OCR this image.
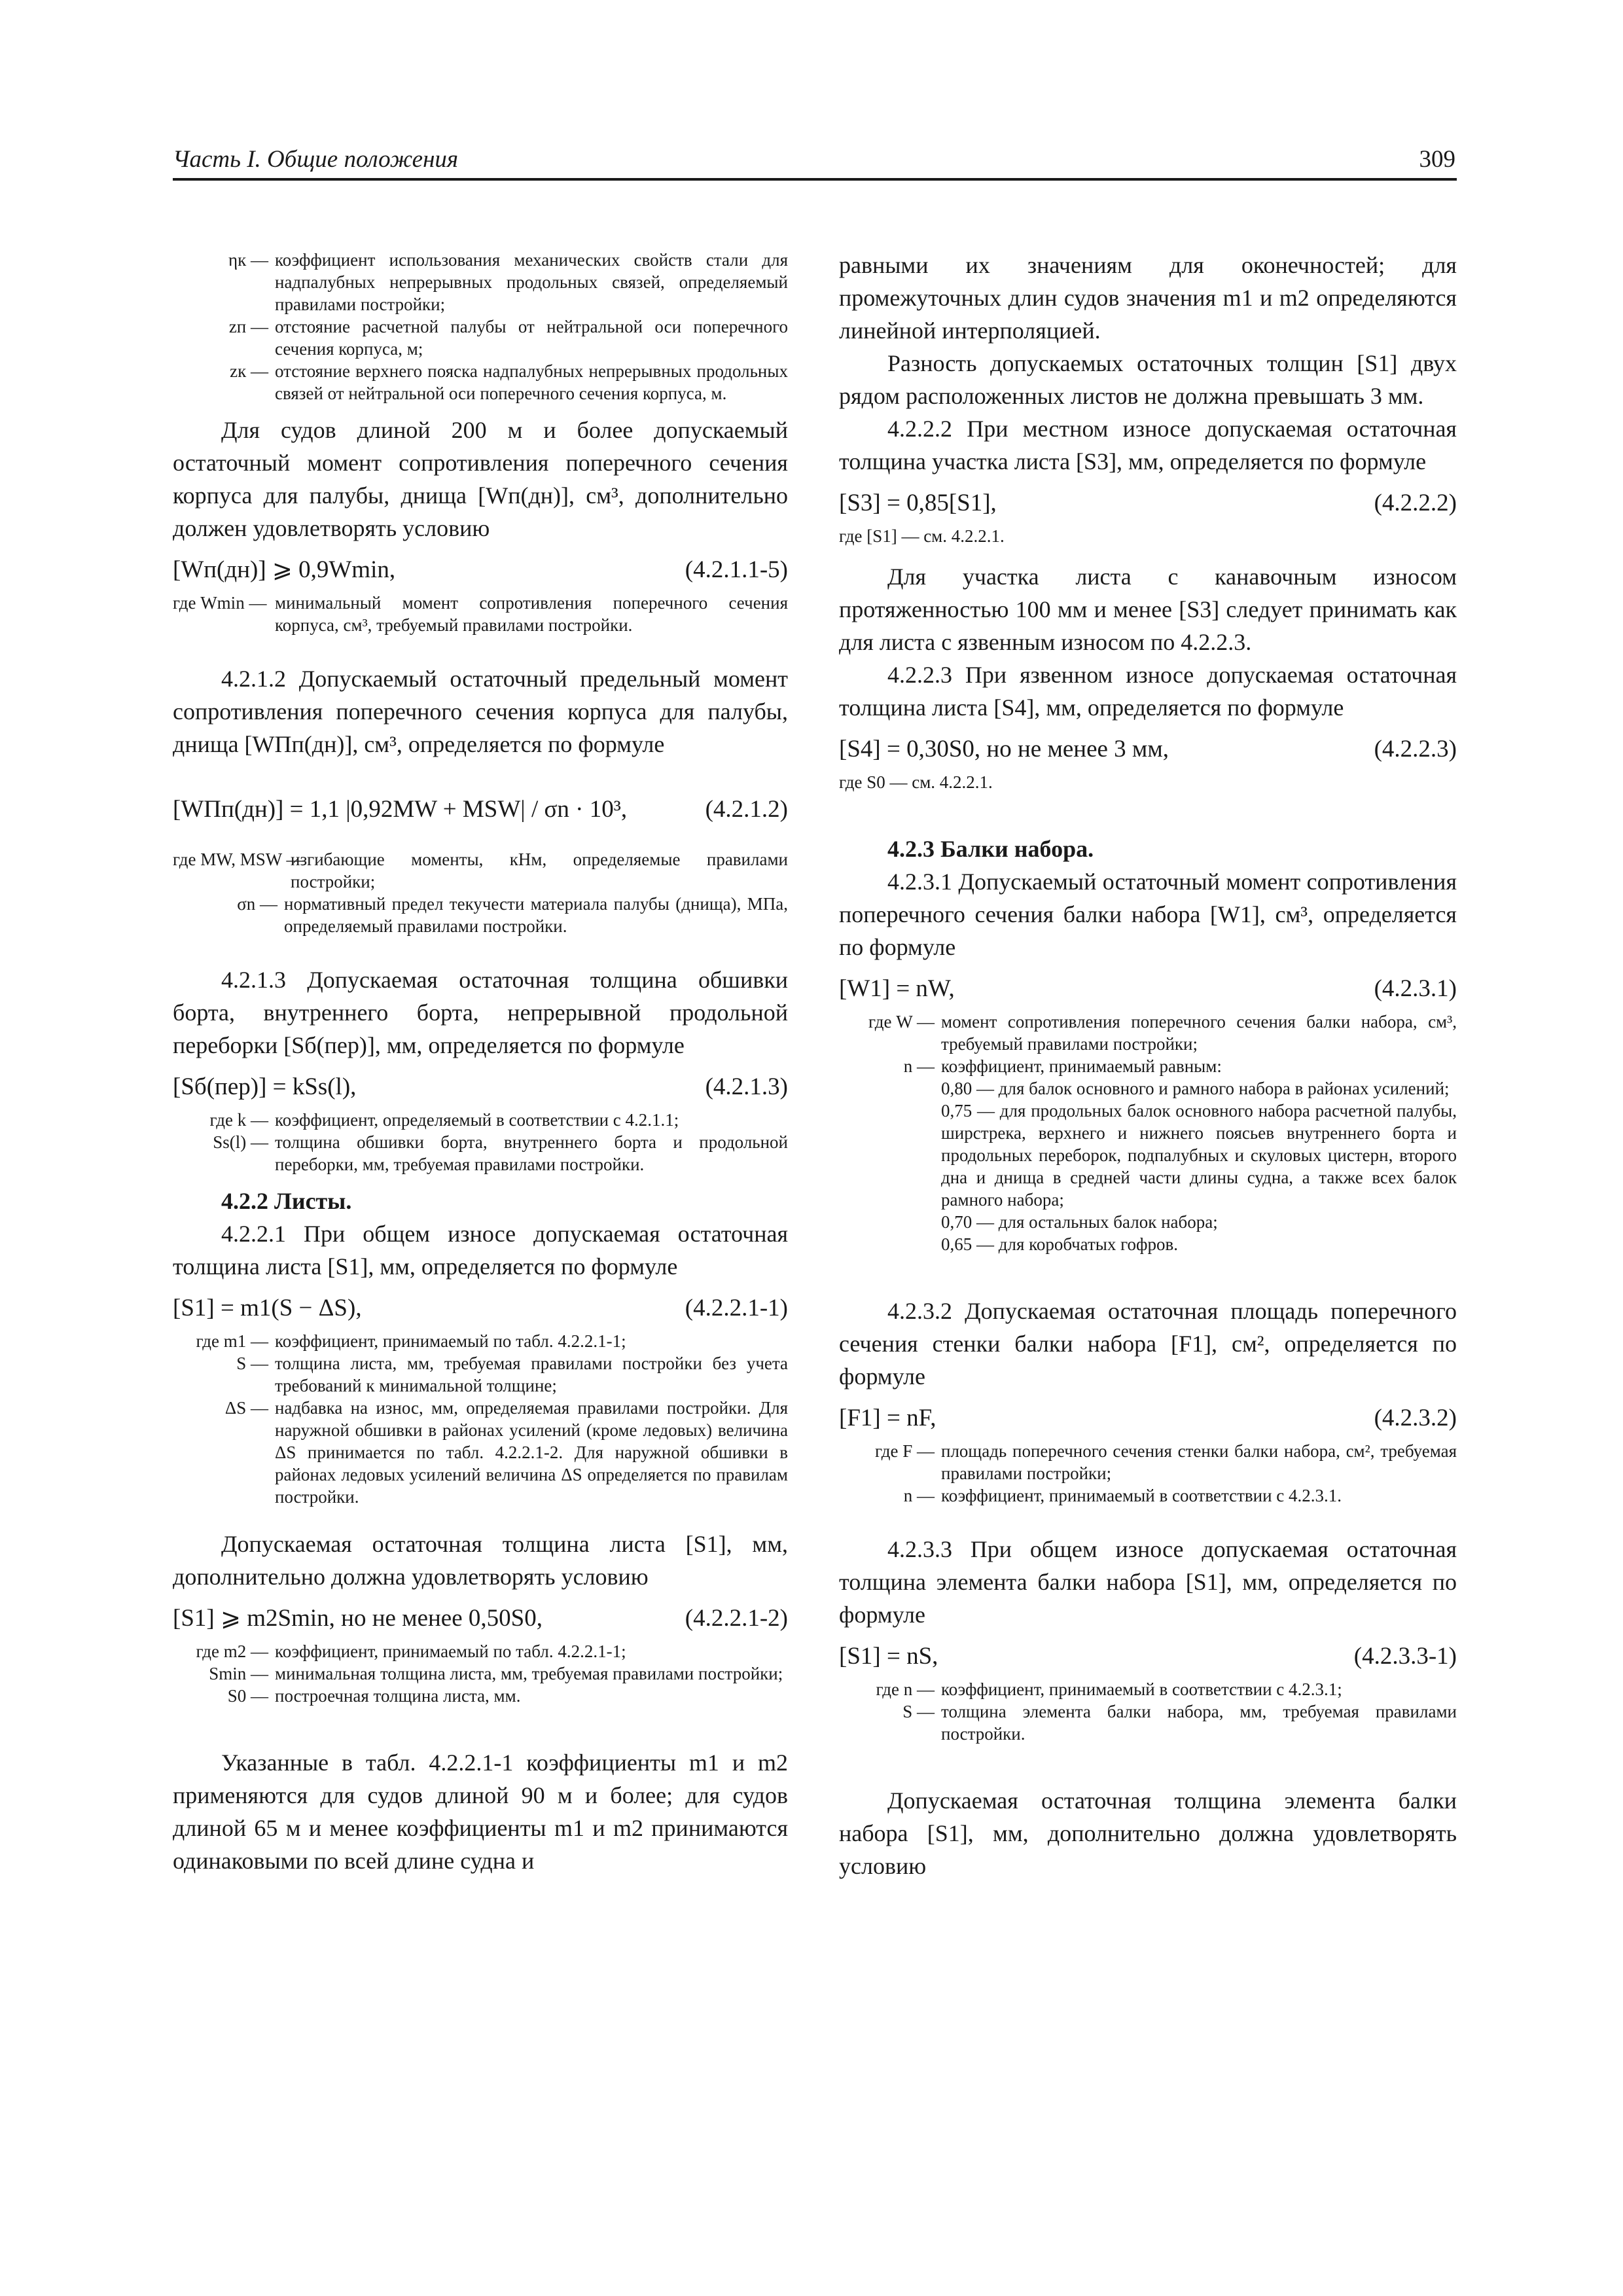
Часть I. Общие положения	309
ηк — коэффициент использования механических свойств стали для надпалубных непрерывных продольных связей, определяемый правилами постройки;
zп — отстояние расчетной палубы от нейтральной оси поперечного сечения корпуса, м;
zк — отстояние верхнего пояска надпалубных непрерывных продольных связей от нейтральной оси поперечного сечения корпуса, м.

Для судов длиной 200 м и более допускаемый остаточный момент сопротивления поперечного сечения корпуса для палубы, днища [Wп(дн)], см³, дополнительно должен удовлетворять условию

[Wп(дн)] ⩾ 0,9Wmin,	(4.2.1.1-5)
где Wmin — минимальный момент сопротивления поперечного сечения корпуса, см³, требуемый правилами постройки.

4.2.1.2 Допускаемый остаточный предельный момент сопротивления поперечного сечения корпуса для палубы, днища [WПп(дн)], см³, определяется по формуле

[WПп(дн)] = 1,1 |0,92MW + MSW| / σn · 10³,	(4.2.1.2)
где MW, MSW —
изгибающие моменты, кНм, определяемые правилами постройки;
σn — нормативный предел текучести материала палубы (днища), МПа, определяемый правилами постройки.

4.2.1.3 Допускаемая остаточная толщина обшивки борта, внутреннего борта, непрерывной продольной переборки [Sб(пер)], мм, определяется по формуле

[Sб(пер)] = kSs(l),	(4.2.1.3)
где k — коэффициент, определяемый в соответствии с 4.2.1.1;
Ss(l) — толщина обшивки борта, внутреннего борта и продольной переборки, мм, требуемая правилами постройки.

4.2.2 Листы.

4.2.2.1 При общем износе допускаемая остаточная толщина листа [S1], мм, определяется по формуле

[S1] = m1(S − ΔS),	(4.2.2.1-1)
где m1 — коэффициент, принимаемый по табл. 4.2.2.1-1;
S — толщина листа, мм, требуемая правилами постройки без учета требований к минимальной толщине;
ΔS — надбавка на износ, мм, определяемая правилами постройки. Для наружной обшивки в районах усилений (кроме ледовых) величина ΔS принимается по табл. 4.2.2.1-2. Для наружной обшивки в районах ледовых усилений величина ΔS определяется по правилам постройки.

Допускаемая остаточная толщина листа [S1], мм, дополнительно должна удовлетворять условию

[S1] ⩾ m2Smin, но не менее 0,50S0,	(4.2.2.1-2)
где m2 — коэффициент, принимаемый по табл. 4.2.2.1-1;
Smin — минимальная толщина листа, мм, требуемая правилами постройки;
S0 — построечная толщина листа, мм.

Указанные в табл. 4.2.2.1-1 коэффициенты m1 и m2 применяются для судов длиной 90 м и более; для судов длиной 65 м и менее коэффициенты m1 и m2 принимаются одинаковыми по всей длине судна и

равными их значениям для оконечностей; для промежуточных длин судов значения m1 и m2 определяются линейной интерполяцией.

Разность допускаемых остаточных толщин [S1] двух рядом расположенных листов не должна превышать 3 мм.

4.2.2.2 При местном износе допускаемая остаточная толщина участка листа [S3], мм, определяется по формуле

[S3] = 0,85[S1],	(4.2.2.2)

где [S1] — см. 4.2.2.1.

Для участка листа с канавочным износом протяженностью 100 мм и менее [S3] следует принимать как для листа с язвенным износом по 4.2.2.3.

4.2.2.3 При язвенном износе допускаемая остаточная толщина листа [S4], мм, определяется по формуле

[S4] = 0,30S0, но не менее 3 мм,	(4.2.2.3)

где S0 — см. 4.2.2.1.

4.2.3 Балки набора.

4.2.3.1 Допускаемый остаточный момент сопротивления поперечного сечения балки набора [W1], см³, определяется по формуле

[W1] = nW,	(4.2.3.1)
где W — момент сопротивления поперечного сечения балки набора, см³, требуемый правилами постройки;
n — коэффициент, принимаемый равным:
0,80 — для балок основного и рамного набора в районах усилений;
0,75 — для продольных балок основного набора расчетной палубы, ширстрека, верхнего и нижнего поясьев внутреннего борта и продольных переборок, подпалубных и скуловых цистерн, второго дна и днища в средней части длины судна, а также всех балок рамного набора;
0,70 — для остальных балок набора;
0,65 — для коробчатых гофров.

4.2.3.2 Допускаемая остаточная площадь поперечного сечения стенки балки набора [F1], см², определяется по формуле

[F1] = nF,	(4.2.3.2)
где F — площадь поперечного сечения стенки балки набора, см², требуемая правилами постройки;
n — коэффициент, принимаемый в соответствии с 4.2.3.1.

4.2.3.3 При общем износе допускаемая остаточная толщина элемента балки набора [S1], мм, определяется по формуле

[S1] = nS,	(4.2.3.3-1)
где n — коэффициент, принимаемый в соответствии с 4.2.3.1;
S — толщина элемента балки набора, мм, требуемая правилами постройки.

Допускаемая остаточная толщина элемента балки набора [S1], мм, дополнительно должна удовлетворять условию
